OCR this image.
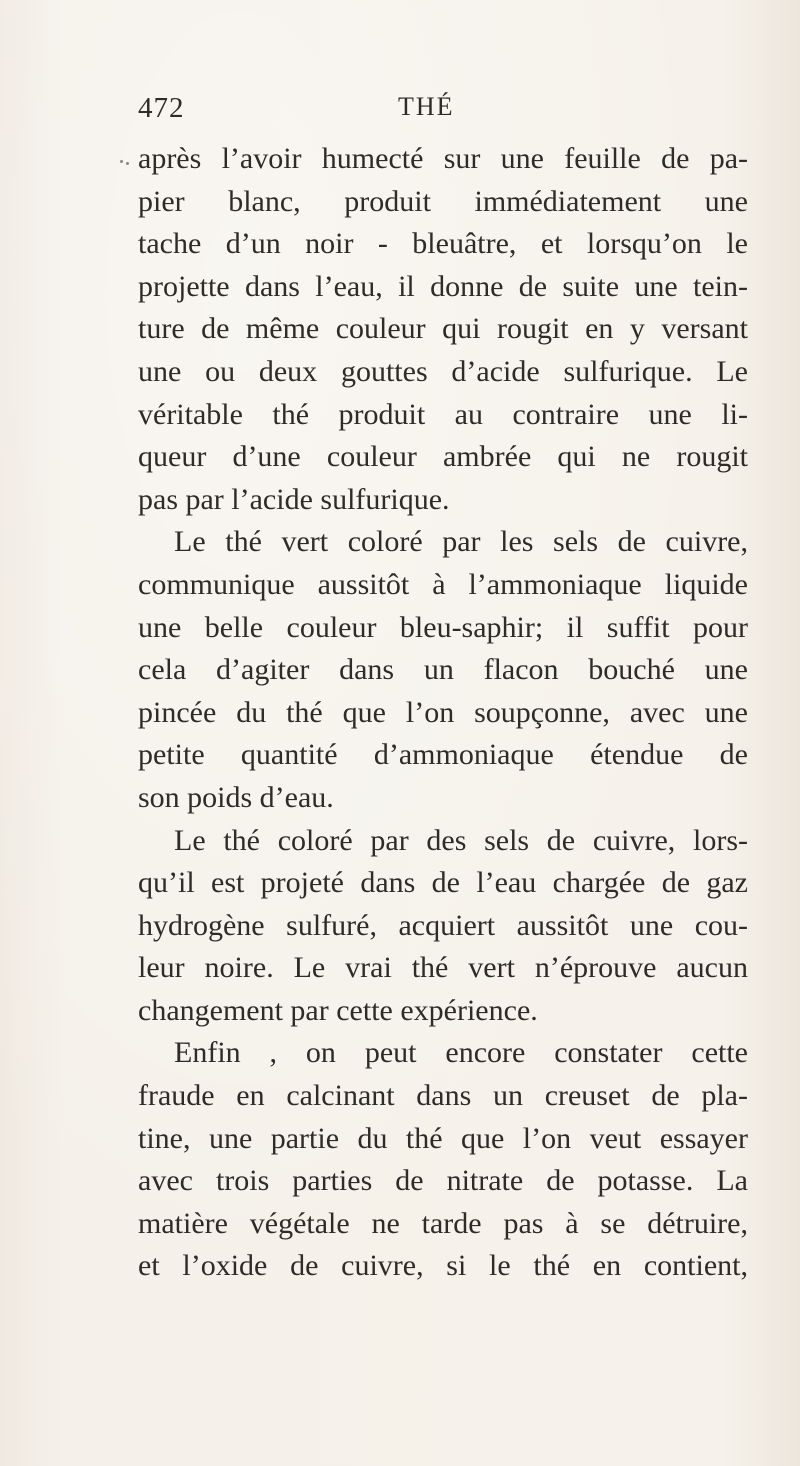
472	THÉ
après l’avoir humecté sur une feuille de pa-
pier blanc, produit immédiatement une
tache d’un noir - bleuâtre, et lorsqu’on le
projette dans l’eau, il donne de suite une tein-
ture de même couleur qui rougit en y versant
une ou deux gouttes d’acide sulfurique. Le
véritable thé produit au contraire une li-
queur d’une couleur ambrée qui ne rougit
pas par l’acide sulfurique.
Le thé vert coloré par les sels de cuivre,
communique aussitôt à l’ammoniaque liquide
une belle couleur bleu-saphir; il suffit pour
cela d’agiter dans un flacon bouché une
pincée du thé que l’on soupçonne, avec une
petite quantité d’ammoniaque étendue de
son poids d’eau.
Le thé coloré par des sels de cuivre, lors-
qu’il est projeté dans de l’eau chargée de gaz
hydrogène sulfuré, acquiert aussitôt une cou-
leur noire. Le vrai thé vert n’éprouve aucun
changement par cette expérience.
Enfin , on peut encore constater cette
fraude en calcinant dans un creuset de pla-
tine, une partie du thé que l’on veut essayer
avec trois parties de nitrate de potasse. La
matière végétale ne tarde pas à se détruire,
et l’oxide de cuivre, si le thé en contient,
